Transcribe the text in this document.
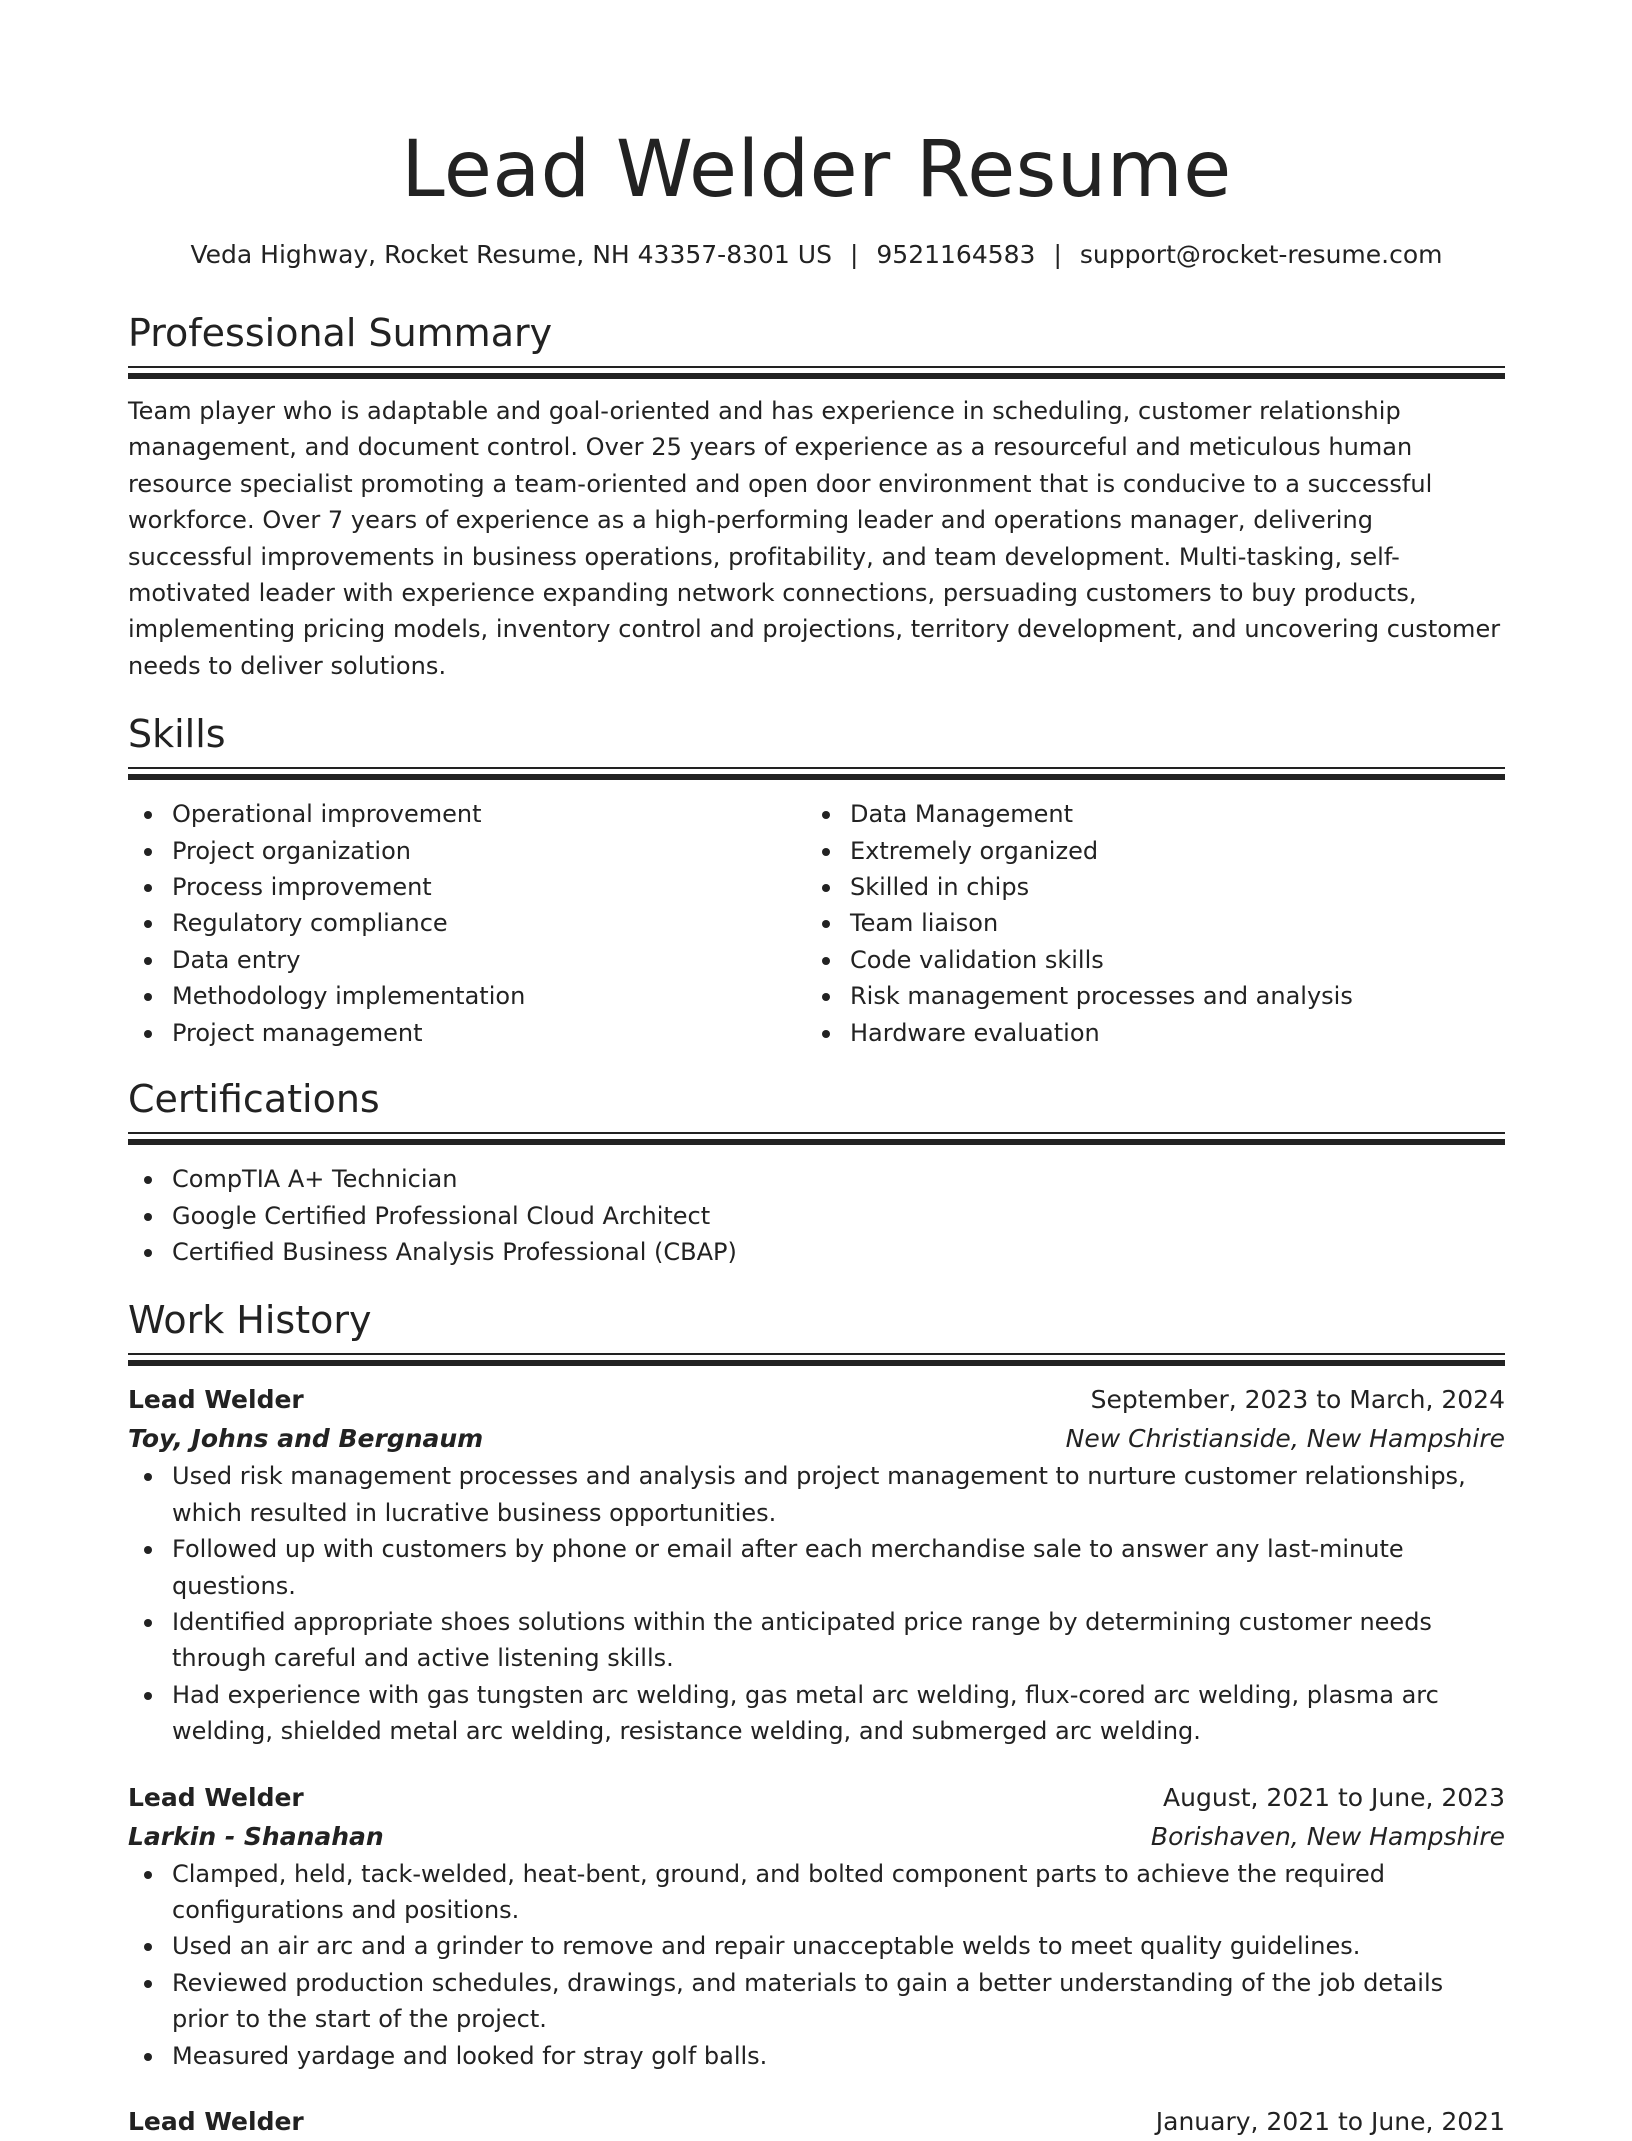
Lead Welder Resume
Veda Highway, Rocket Resume, NH 43357-8301 US | 9521164583 | support@rocket-resume.com
Professional Summary

Team player who is adaptable and goal-oriented and has experience in scheduling, customer relationship management, and document control. Over 25 years of experience as a resourceful and meticulous human resource specialist promoting a team-oriented and open door environment that is conducive to a successful workforce. Over 7 years of experience as a high-performing leader and operations manager, delivering successful improvements in business operations, profitability, and team development. Multi-tasking, self-motivated leader with experience expanding network connections, persuading customers to buy products, implementing pricing models, inventory control and projections, territory development, and uncovering customer needs to deliver solutions.

Skills
Operational improvement
Project organization
Process improvement
Regulatory compliance
Data entry
Methodology implementation
Project management
Data Management
Extremely organized
Skilled in chips
Team liaison
Code validation skills
Risk management processes and analysis
Hardware evaluation
Certifications
CompTIA A+ Technician
Google Certified Professional Cloud Architect
Certified Business Analysis Professional (CBAP)
Work History
Lead Welder	September, 2023 to March, 2024
Toy, Johns and Bergnaum	New Christianside, New Hampshire
Used risk management processes and analysis and project management to nurture customer relationships, which resulted in lucrative business opportunities.
Followed up with customers by phone or email after each merchandise sale to answer any last-minute questions.
Identified appropriate shoes solutions within the anticipated price range by determining customer needs through careful and active listening skills.
Had experience with gas tungsten arc welding, gas metal arc welding, flux-cored arc welding, plasma arc welding, shielded metal arc welding, resistance welding, and submerged arc welding.
Lead Welder	August, 2021 to June, 2023
Larkin - Shanahan	Borishaven, New Hampshire
Clamped, held, tack-welded, heat-bent, ground, and bolted component parts to achieve the required configurations and positions.
Used an air arc and a grinder to remove and repair unacceptable welds to meet quality guidelines.
Reviewed production schedules, drawings, and materials to gain a better understanding of the job details prior to the start of the project.
Measured yardage and looked for stray golf balls.
Lead Welder	January, 2021 to June, 2021
